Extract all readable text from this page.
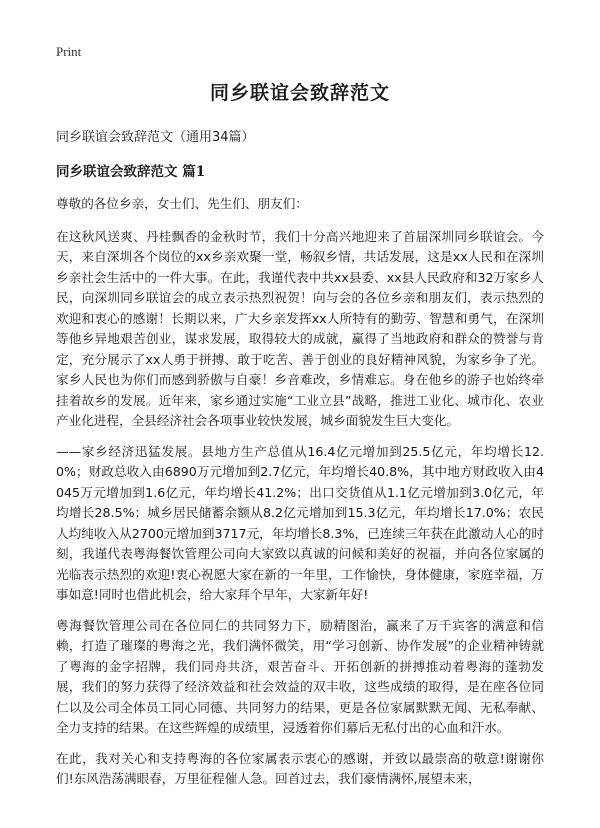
Print
同乡联谊会致辞范文
同乡联谊会致辞范文（通用34篇）
同乡联谊会致辞范文 篇1

尊敬的各位乡亲，女士们、先生们、朋友们：

在这秋风送爽、丹桂飘香的金秋时节，我们十分高兴地迎来了首届深圳同乡联谊会。今天，来自深圳各个岗位的xx乡亲欢聚一堂，畅叙乡情，共话发展，这是xx人民和在深圳乡亲社会生活中的一件大事。在此，我谨代表中共xx县委、xx县人民政府和32万家乡人民，向深圳同乡联谊会的成立表示热烈祝贺！向与会的各位乡亲和朋友们，表示热烈的欢迎和衷心的感谢！长期以来，广大乡亲发挥xx人所特有的勤劳、智慧和勇气，在深圳等他乡异地艰苦创业，谋求发展，取得较大的成就，赢得了当地政府和群众的赞誉与肯定，充分展示了xx人勇于拼搏、敢于吃苦、善于创业的良好精神风貌，为家乡争了光。家乡人民也为你们而感到骄傲与自豪！乡音难改，乡情难忘。身在他乡的游子也始终牵挂着故乡的发展。近年来，家乡通过实施“工业立县”战略，推进工业化、城市化、农业产业化进程，全县经济社会各项事业较快发展，城乡面貌发生巨大变化。

——家乡经济迅猛发展。县地方生产总值从16.4亿元增加到25.5亿元，年均增长12.0%；财政总收入由6890万元增加到2.7亿元，年均增长40.8%，其中地方财政收入由4045万元增加到1.6亿元，年均增长41.2%；出口交货值从1.1亿元增加到3.0亿元，年均增长28.5%；城乡居民储蓄余额从8.2亿元增加到15.3亿元，年均增长17.0%；农民人均纯收入从2700元增加到3717元，年均增长8.3%，已连续三年获在此激动人心的时刻，我谨代表粤海餐饮管理公司向大家致以真诚的问候和美好的祝福，并向各位家属的光临表示热烈的欢迎!衷心祝愿大家在新的一年里，工作愉快，身体健康，家庭幸福，万事如意!同时也借此机会，给大家拜个早年，大家新年好!

粤海餐饮管理公司在各位同仁的共同努力下，励精图治，赢来了万千宾客的满意和信赖，打造了璀璨的粤海之光，我们满怀微笑，用“学习创新、协作发展”的企业精神铸就了粤海的金字招牌，我们同舟共济，艰苦奋斗、开拓创新的拼搏推动着粤海的蓬勃发展，我们的努力获得了经济效益和社会效益的双丰收，这些成绩的取得，是在座各位同仁以及公司全体员工同心同德、共同努力的结果，更是各位家属默默无闻、无私奉献、全力支持的结果。在这些辉煌的成绩里，浸透着你们幕后无私付出的心血和汗水。

在此，我对关心和支持粤海的各位家属表示衷心的感谢，并致以最崇高的敬意!谢谢你们!东风浩荡满眼春，万里征程催人急。回首过去，我们豪情满怀,展望未来，
